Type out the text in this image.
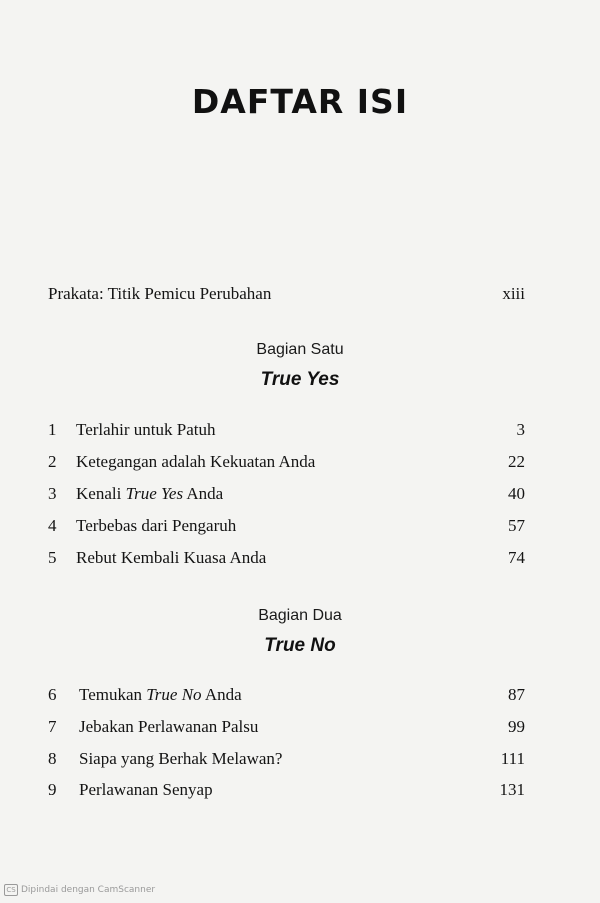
DAFTAR ISI
Prakata: Titik Pemicu Perubahan	xiii
Bagian Satu
True Yes
1 Terlahir untuk Patuh	3
2 Ketegangan adalah Kekuatan Anda	22
3 Kenali True Yes Anda	40
4 Terbebas dari Pengaruh	57
5 Rebut Kembali Kuasa Anda	74
Bagian Dua
True No
6 Temukan True No Anda	87
7 Jebakan Perlawanan Palsu	99
8 Siapa yang Berhak Melawan?	111
9 Perlawanan Senyap	131
CS Dipindai dengan CamScanner
